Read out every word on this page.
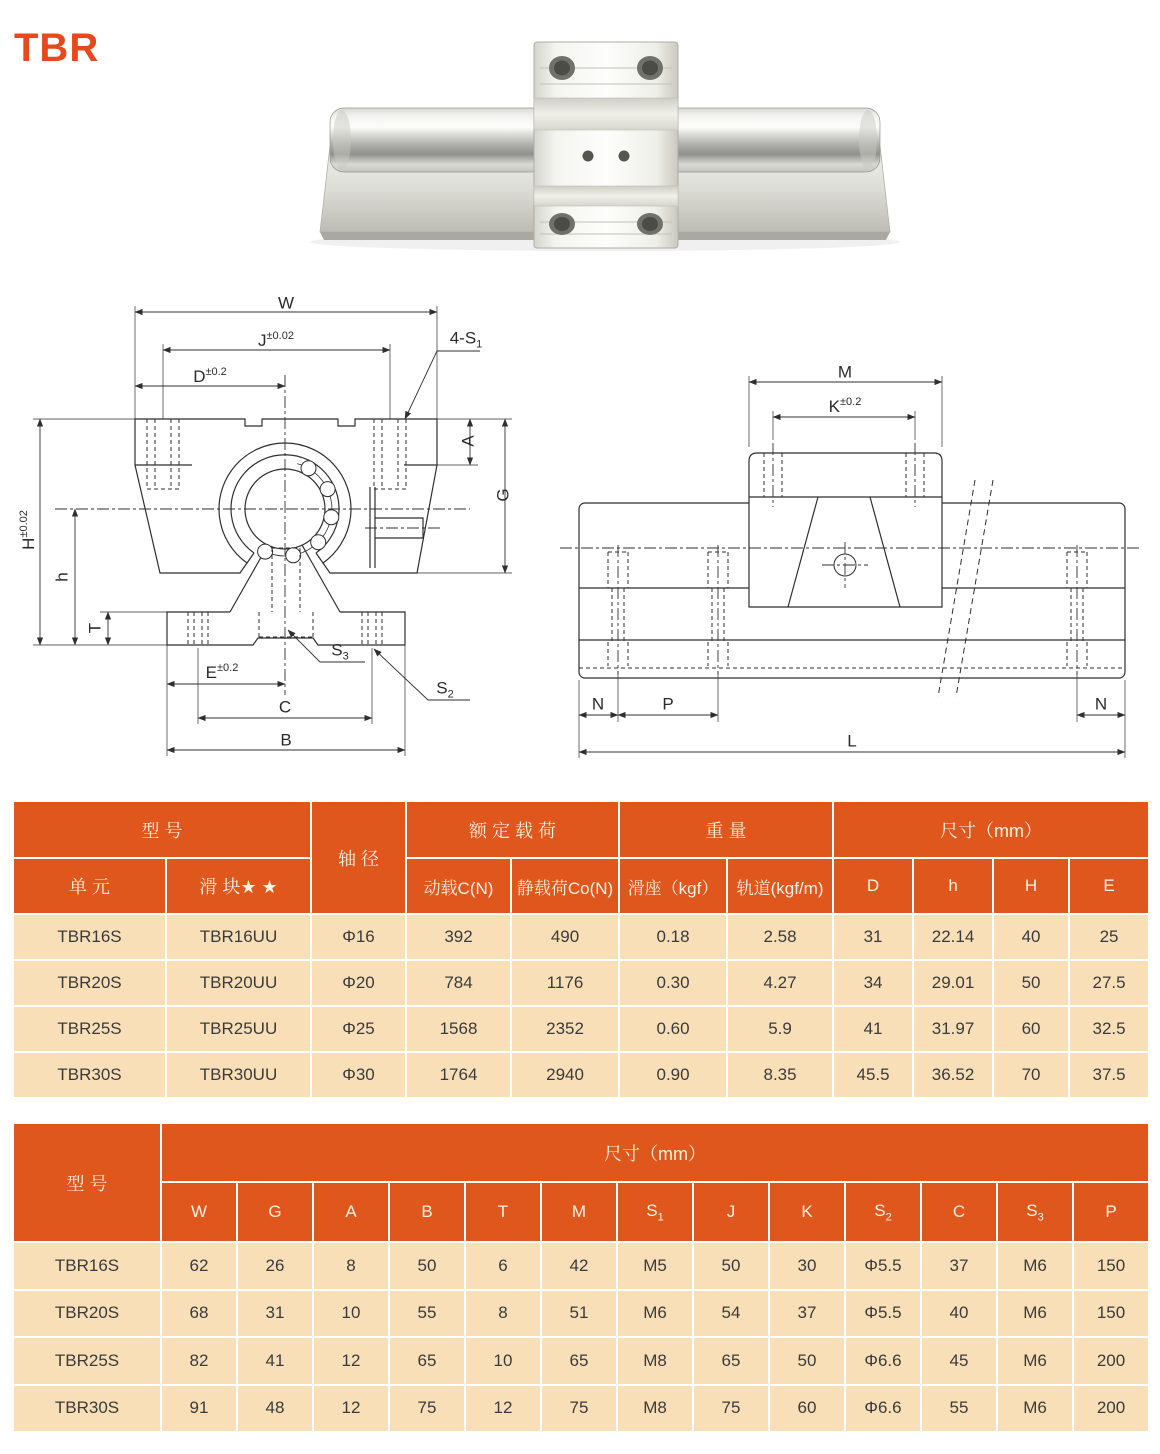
TBR
W
$J^{\pm 0.02}$
$D^{\pm 0.2}$
$4-S_1$
A
G
$H^{\pm 0.02}$
h
T
$E^{\pm 0.2}$
C
B
$S_3$
$S_2$
M
$K^{\pm 0.2}$
N	P	N
L
型 号		轴 径	额 定 载 荷		重 量		尺寸（mm）			
单 元	滑 块★ ★		动载C(N)	静载荷Co(N)	滑座（kgf）	轨道(kgf/m)	D	h	H	E
TBR16S	TBR16UU	Φ16	392	490	0.18	2.58	31	22.14	40	25
TBR20S	TBR20UU	Φ20	784	1176	0.30	4.27	34	29.01	50	27.5
TBR25S	TBR25UU	Φ25	1568	2352	0.60	5.9	41	31.97	60	32.5
TBR30S	TBR30UU	Φ30	1764	2940	0.90	8.35	45.5	36.52	70	37.5
型 号	尺寸（mm）												
	W	G	A	B	T	M	$S_1$	J	K	$S_2$	C	$S_3$	P
TBR16S	62	26	8	50	6	42	M5	50	30	Φ5.5	37	M6	150
TBR20S	68	31	10	55	8	51	M6	54	37	Φ5.5	40	M6	150
TBR25S	82	41	12	65	10	65	M8	65	50	Φ6.6	45	M6	200
TBR30S	91	48	12	75	12	75	M8	75	60	Φ6.6	55	M6	200
